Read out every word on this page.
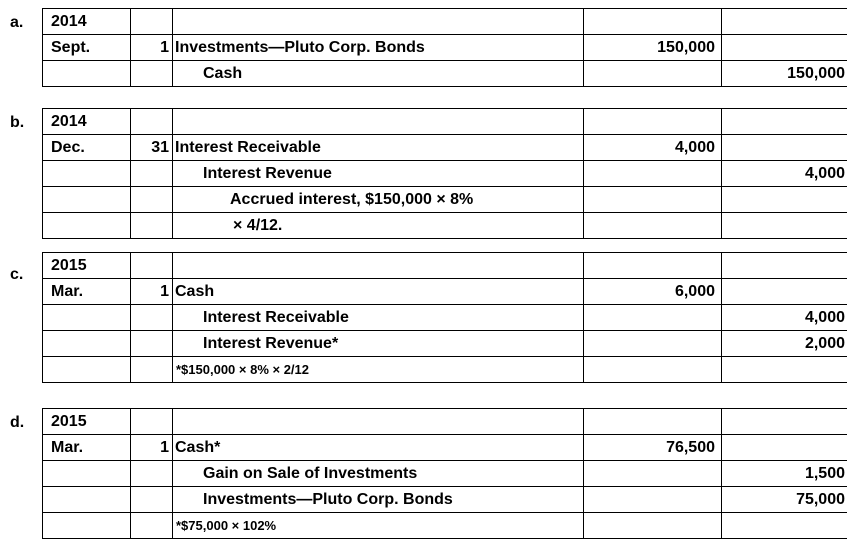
a. 2014				
Sept.	1	Investments—Pluto Corp. Bonds	150,000	
		Cash		150,000
b. 2014				
Dec.	31	Interest Receivable	4,000	
		Interest Revenue		4,000
		Accrued interest, $150,000 × 8%		
		× 4/12.		
c.
2015				
Mar.	1	Cash	6,000	
		Interest Receivable		4,000
		Interest Revenue*		2,000
		*$150,000 × 8% × 2/12		
d. 2015				
Mar.	1	Cash*	76,500	
		Gain on Sale of Investments		1,500
		Investments—Pluto Corp. Bonds		75,000
		*$75,000 × 102%		
